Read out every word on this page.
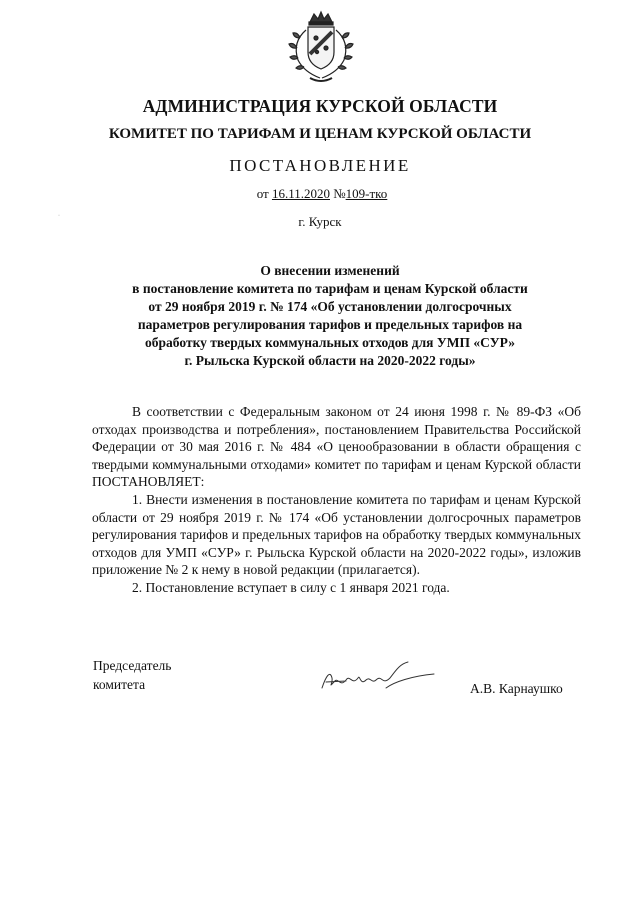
АДМИНИСТРАЦИЯ КУРСКОЙ ОБЛАСТИ
КОМИТЕТ ПО ТАРИФАМ И ЦЕНАМ КУРСКОЙ ОБЛАСТИ
ПОСТАНОВЛЕНИЕ
от 16.11.2020 №109-тко
г. Курск
·
О внесении изменений
в постановление комитета по тарифам и ценам Курской области
от 29 ноября 2019 г. № 174 «Об установлении долгосрочных
параметров регулирования тарифов и предельных тарифов на
обработку твердых коммунальных отходов для УМП «СУР»
г. Рыльска Курской области на 2020-2022 годы»

В соответствии с Федеральным законом от 24 июня 1998 г. № 89-ФЗ «Об отходах производства и потребления», постановлением Правительства Российской Федерации от 30 мая 2016 г. № 484 «О ценообразовании в области обращения с твердыми коммунальными отходами» комитет по тарифам и ценам Курской области ПОСТАНОВЛЯЕТ:

1. Внести изменения в постановление комитета по тарифам и ценам Курской области от 29 ноября 2019 г. № 174 «Об установлении долгосрочных параметров регулирования тарифов и предельных тарифов на обработку твердых коммунальных отходов для УМП «СУР» г. Рыльска Курской области на 2020-2022 годы», изложив приложение № 2 к нему в новой редакции (прилагается).

2. Постановление вступает в силу с 1 января 2021 года.

Председатель
комитета	А.В. Карнаушко
